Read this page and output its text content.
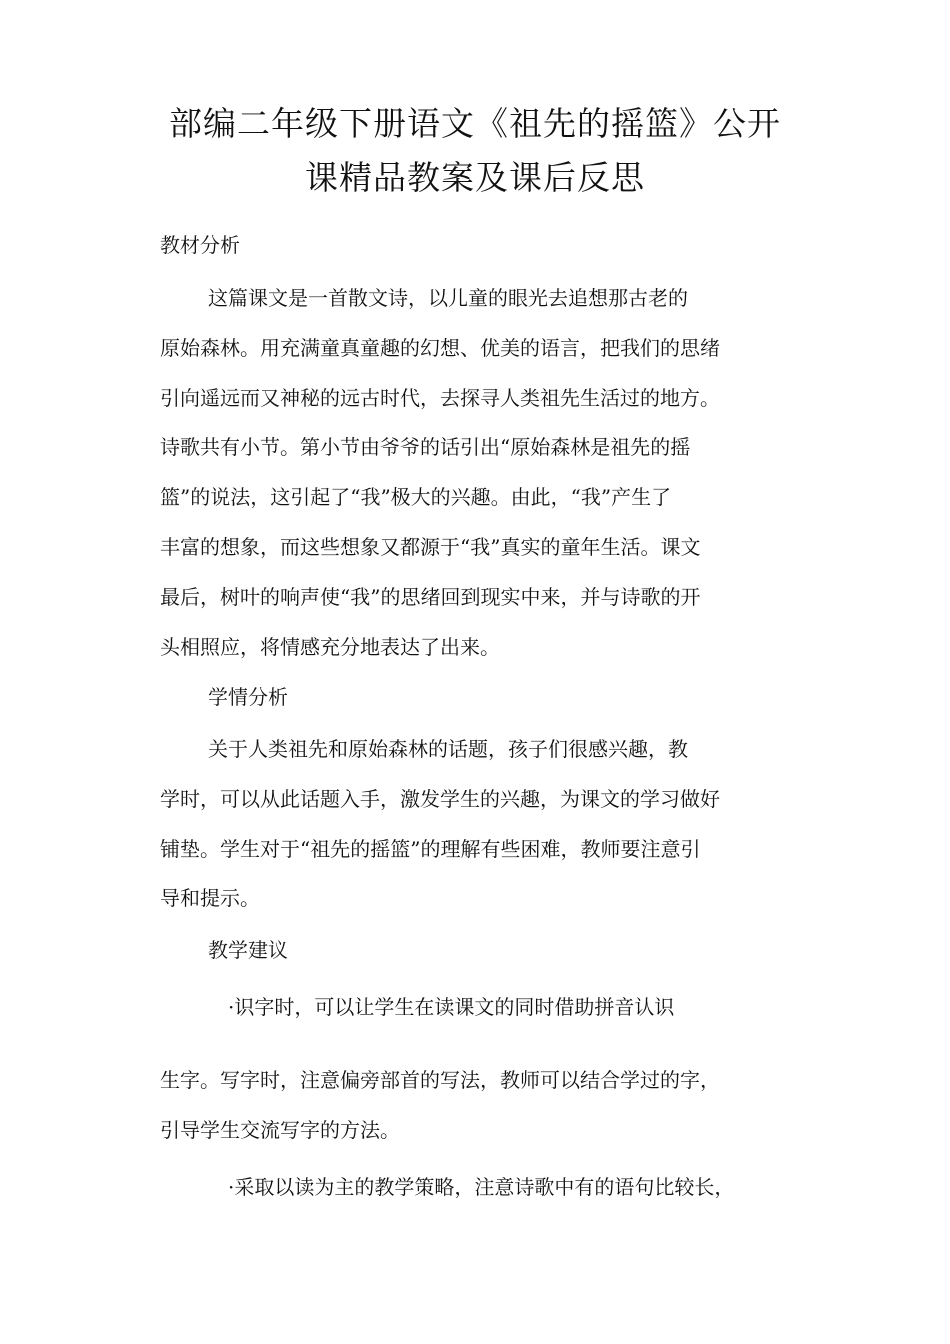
部编二年级下册语文《祖先的摇篮》公开
课精品教案及课后反思

教材分析

这篇课文是一首散文诗，以儿童的眼光去追想那古老的

原始森林。用充满童真童趣的幻想、优美的语言，把我们的思绪

引向遥远而又神秘的远古时代，去探寻人类祖先生活过的地方。

诗歌共有小节。第小节由爷爷的话引出“原始森林是祖先的摇

篮”的说法，这引起了“我”极大的兴趣。由此，“我”产生了

丰富的想象，而这些想象又都源于“我”真实的童年生活。课文

最后，树叶的响声使“我”的思绪回到现实中来，并与诗歌的开

头相照应，将情感充分地表达了出来。

学情分析

关于人类祖先和原始森林的话题，孩子们很感兴趣，教

学时，可以从此话题入手，激发学生的兴趣，为课文的学习做好

铺垫。学生对于“祖先的摇篮”的理解有些困难，教师要注意引

导和提示。

教学建议

·识字时，可以让学生在读课文的同时借助拼音认识

生字。写字时，注意偏旁部首的写法，教师可以结合学过的字，

引导学生交流写字的方法。

·采取以读为主的教学策略，注意诗歌中有的语句比较长，
